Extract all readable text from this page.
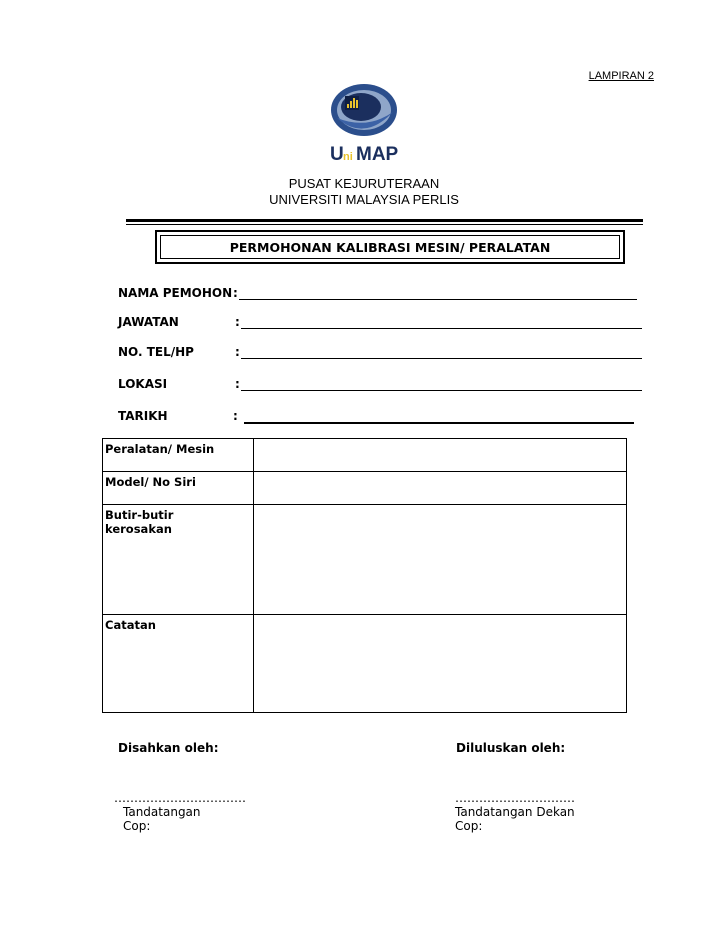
LAMPIRAN 2
U ni MAP
PUSAT KEJURUTERAAN
UNIVERSITI MALAYSIA PERLIS
PERMOHONAN KALIBRASI MESIN/ PERALATAN
NAMA PEMOHON :
JAWATAN	:
NO. TEL/HP	:
LOKASI	:
TARIKH	:
Peralatan/ Mesin	
Model/ No Siri	

Butir-butir kerosakan	

Catatan	
Disahkan oleh:
……………………………
Tandatangan
Cop:
Diluluskan oleh:
…………………………
Tandatangan Dekan
Cop:
